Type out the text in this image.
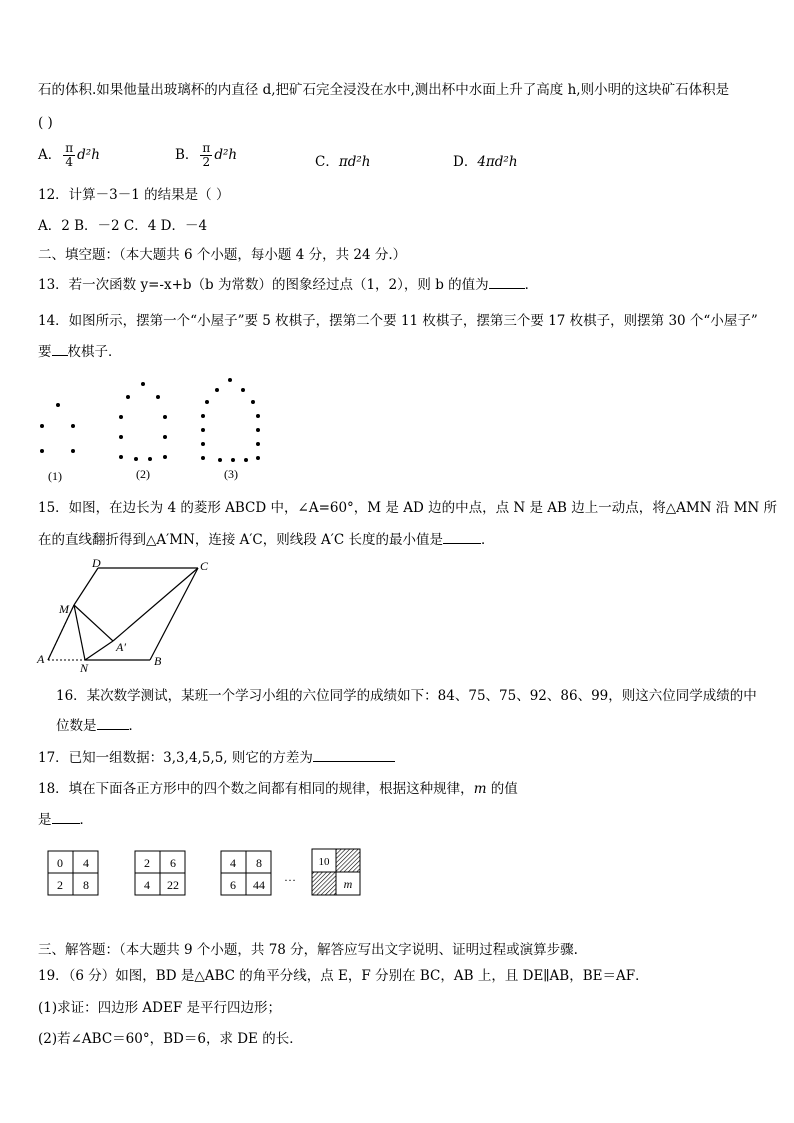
石的体积.如果他量出玻璃杯的内直径 d,把矿石完全浸没在水中,测出杯中水面上升了高度 h,则小明的这块矿石体积是
( )
A． $\frac{\pi}{4} d^2h$	B． $\frac{\pi}{2} d^2h$	C．πd²h	D．4πd²h
12．计算－3－1 的结果是（ ）
A．2 B．－2 C．4 D．－4
二、填空题：（本大题共 6 个小题，每小题 4 分，共 24 分.）
13．若一次函数 y=-x+b（b 为常数）的图象经过点（1，2），则 b 的值为	．
14．如图所示，摆第一个“小屋子”要 5 枚棋子，摆第二个要 11 枚棋子，摆第三个要 17 枚棋子，则摆第 30 个“小屋子”
要 枚棋子．
(1)	(2)	(3)
15．如图，在边长为 4 的菱形 ABCD 中，∠A=60°，M 是 AD 边的中点，点 N 是 AB 边上一动点，将△AMN 沿 MN 所
在的直线翻折得到△A′MN，连接 A′C，则线段 A′C 长度的最小值是	．
D	C
M
A′
A
N	B
16．某次数学测试，某班一个学习小组的六位同学的成绩如下：84、75、75、92、86、99，则这六位同学成绩的中
位数是 ．
17．已知一组数据：3,3,4,5,5, 则它的方差为
18．填在下面各正方形中的四个数之间都有相同的规律，根据这种规律，m 的值
是 ．
0 4
2 8
2 6
4 22
4 8
6 44
…
10
m
三、解答题：（本大题共 9 个小题，共 78 分，解答应写出文字说明、证明过程或演算步骤.
19．（6 分）如图，BD 是△ABC 的角平分线，点 E，F 分别在 BC，AB 上，且 DE∥AB，BE＝AF．
(1)求证：四边形 ADEF 是平行四边形；
(2)若∠ABC＝60°，BD＝6，求 DE 的长．
